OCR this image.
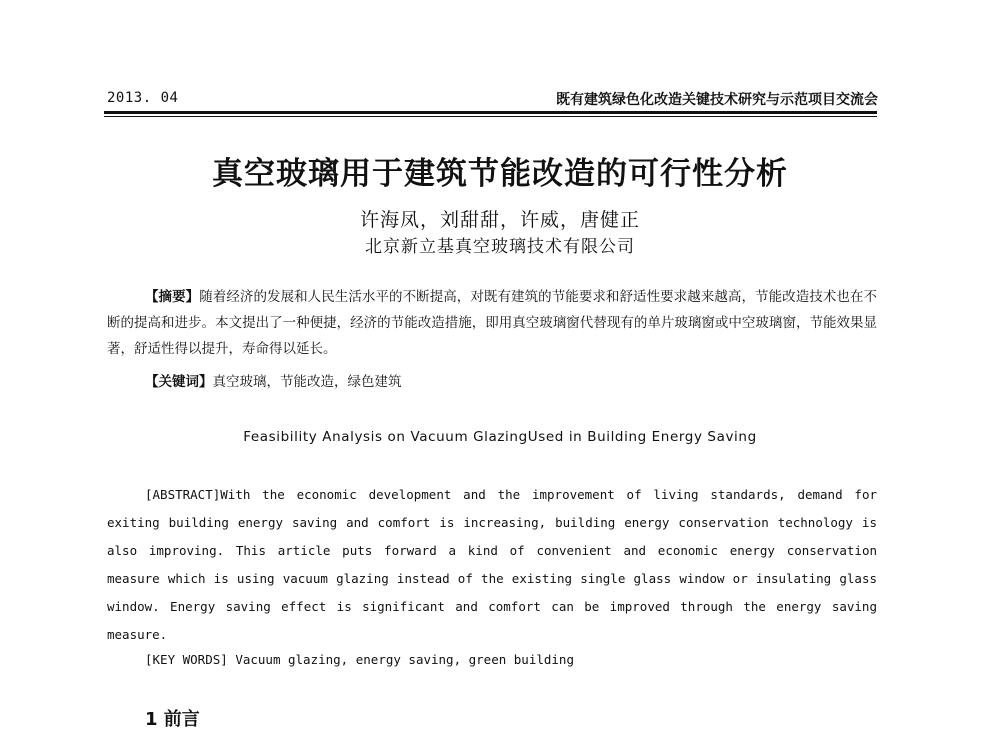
2013. 04	既有建筑绿色化改造关键技术研究与示范项目交流会
真空玻璃用于建筑节能改造的可行性分析
许海凤，刘甜甜，许威，唐健正
北京新立基真空玻璃技术有限公司
【摘要】随着经济的发展和人民生活水平的不断提高，对既有建筑的节能要求和舒适性要求越来越高，节能改造技术也在不断的提高和进步。本文提出了一种便捷，经济的节能改造措施，即用真空玻璃窗代替现有的单片玻璃窗或中空玻璃窗，节能效果显著，舒适性得以提升，寿命得以延长。
【关键词】真空玻璃，节能改造，绿色建筑
Feasibility Analysis on Vacuum GlazingUsed in Building Energy Saving
[ABSTRACT]With the economic development and the improvement of living standards, demand for exiting building energy saving and comfort is increasing, building energy conservation technology is also improving. This article puts forward a kind of convenient and economic energy conservation measure which is using vacuum glazing instead of the existing single glass window or insulating glass window. Energy saving effect is significant and comfort can be improved through the energy saving measure.
[KEY WORDS] Vacuum glazing, energy saving, green building
1 前言
